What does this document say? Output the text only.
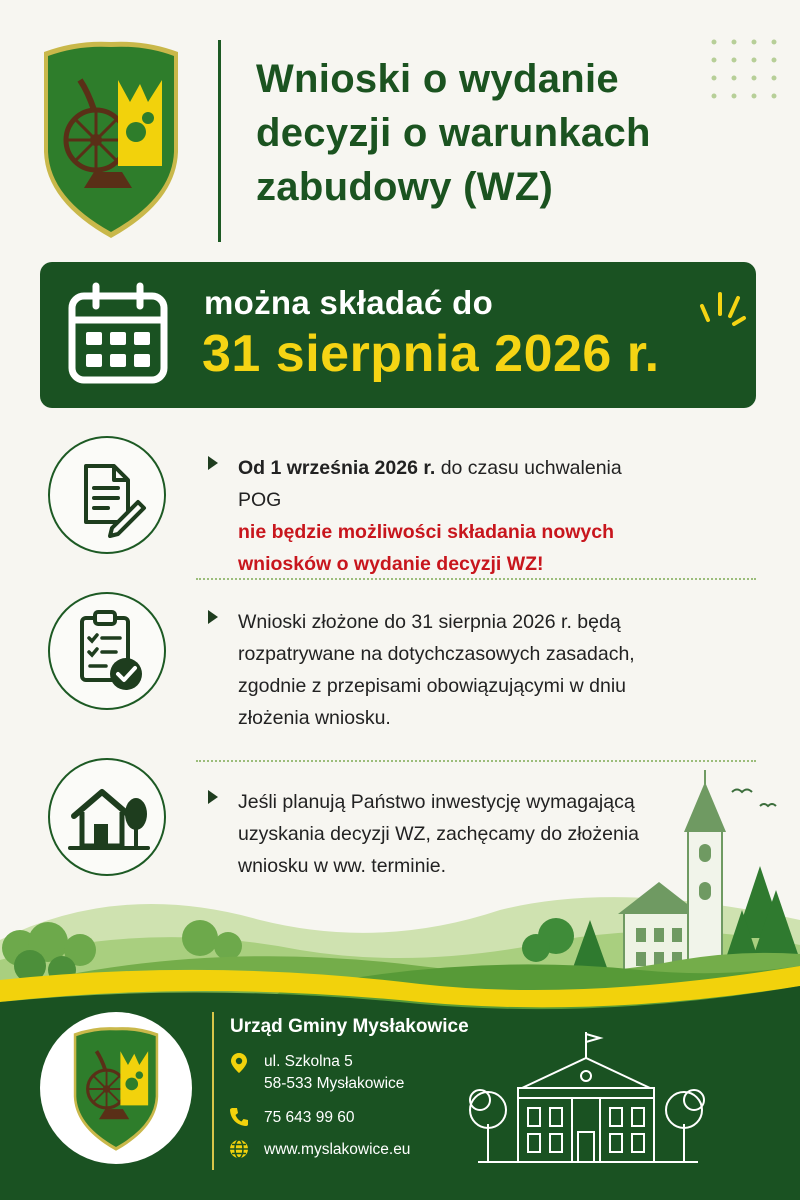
Wnioski o wydanie decyzji o warunkach zabudowy (WZ)
można składać do
31 sierpnia 2026 r.

Od 1 września 2026 r. do czasu uchwalenia POG
nie będzie możliwości składania nowych wniosków o wydanie decyzji WZ!

Wnioski złożone do 31 sierpnia 2026 r. będą rozpatrywane na dotychczasowych zasadach, zgodnie z przepisami obowiązującymi w dniu złożenia wniosku.

Jeśli planują Państwo inwestycję wymagającą uzyskania decyzji WZ, zachęcamy do złożenia wniosku w ww. terminie.

Urząd Gminy Mysłakowice
ul. Szkolna 5
58-533 Mysłakowice
75 643 99 60
www.myslakowice.eu
